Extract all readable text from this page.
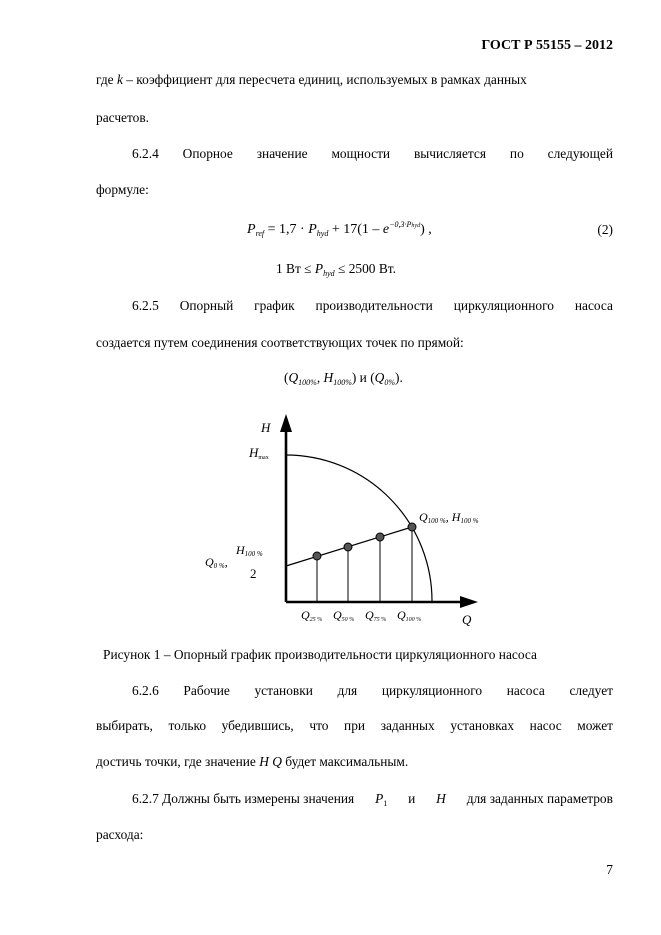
ГОСТ Р 55155 – 2012
где k – коэффициент для пересчета единиц, используемых в рамках данных
расчетов.
6.2.4 Опорное значение мощности вычисляется по следующей
формуле:
$P_{ref} = 1,7 \cdot P_{hyd} + 17(1 - e^{-0,3\cdot Phyd})$ ,	(2)
1 Вт ≤ $P_{hyd} \le 2500$ Вт.
6.2.5 Опорный график производительности циркуляционного насоса
создается путем соединения соответствующих точек по прямой:
($Q_{100\%}$, $H_{100\%}$) и $(Q_{0\%})$.
H
Q
Hmax
Q100 %, H100 %
H100 %
Q0 %,
2
Q25 % Q50 % Q75 % Q100 %
Рисунок 1 – Опорный график производительности циркуляционного насоса
6.2.6 Рабочие установки для циркуляционного насоса следует
выбирать, только убедившись, что при заданных установках насос может
достичь точки, где значение H Q будет максимальным.
6.2.7 Должны быть измерены значения $P_1$ и H для заданных параметров
расхода:
7
